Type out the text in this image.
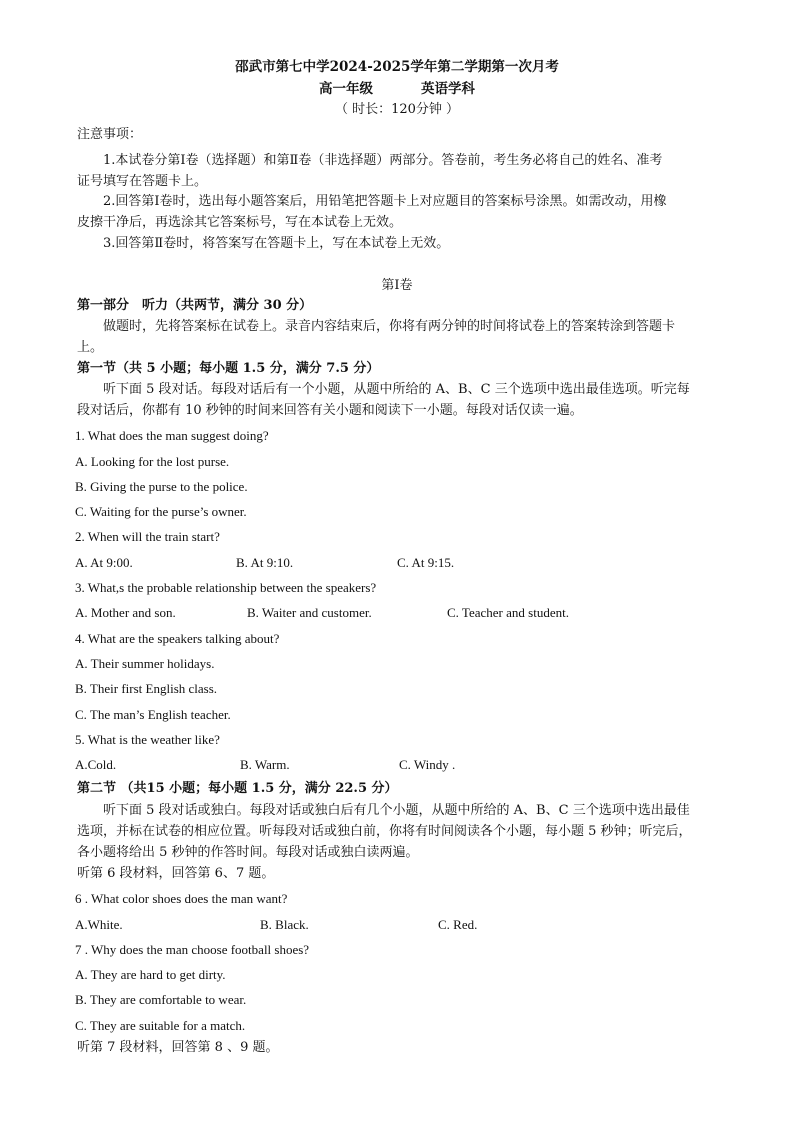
邵武市第七中学2024-2025学年第二学期第一次月考
高一年级	英语学科
（ 时长：120分钟 ）
注意事项：
1.本试卷分第Ⅰ卷（选择题）和第Ⅱ卷（非选择题）两部分。答卷前，考生务必将自己的姓名、准考
证号填写在答题卡上。
2.回答第Ⅰ卷时，选出每小题答案后，用铅笔把答题卡上对应题目的答案标号涂黑。如需改动，用橡
皮擦干净后，再选涂其它答案标号，写在本试卷上无效。
3.回答第Ⅱ卷时，将答案写在答题卡上，写在本试卷上无效。
第Ⅰ卷
第一部分　听力（共两节，满分 30 分）
做题时，先将答案标在试卷上。录音内容结束后，你将有两分钟的时间将试卷上的答案转涂到答题卡
上。
第一节（共 5 小题；每小题 1.5 分，满分 7.5 分）
听下面 5 段对话。每段对话后有一个小题，从题中所给的 A、B、C 三个选项中选出最佳选项。听完每
段对话后，你都有 10 秒钟的时间来回答有关小题和阅读下一小题。每段对话仅读一遍。
1. What does the man suggest doing?
A. Looking for the lost purse.
B. Giving the purse to the police.
C. Waiting for the purse’s owner.
2. When will the train start?
A. At 9:00.	B. At 9:10.	C. At 9:15.
3. What,s the probable relationship between the speakers?
A. Mother and son.	B. Waiter and customer.	C. Teacher and student.
4. What are the speakers talking about?
A. Their summer holidays.
B. Their first English class.
C. The man’s English teacher.
5. What is the weather like?
A.Cold.	B. Warm.	C. Windy .
第二节 （共15 小题；每小题 1.5 分，满分 22.5 分）
听下面 5 段对话或独白。每段对话或独白后有几个小题，从题中所给的 A、B、C 三个选项中选出最佳
选项，并标在试卷的相应位置。听每段对话或独白前，你将有时间阅读各个小题，每小题 5 秒钟；听完后，
各小题将给出 5 秒钟的作答时间。每段对话或独白读两遍。
听第 6 段材料，回答第 6、7 题。
6 . What color shoes does the man want?
A.White.	B. Black.	C. Red.
7 . Why does the man choose football shoes?
A. They are hard to get dirty.
B. They are comfortable to wear.
C. They are suitable for a match.
听第 7 段材料，回答第 8 、9 题。
